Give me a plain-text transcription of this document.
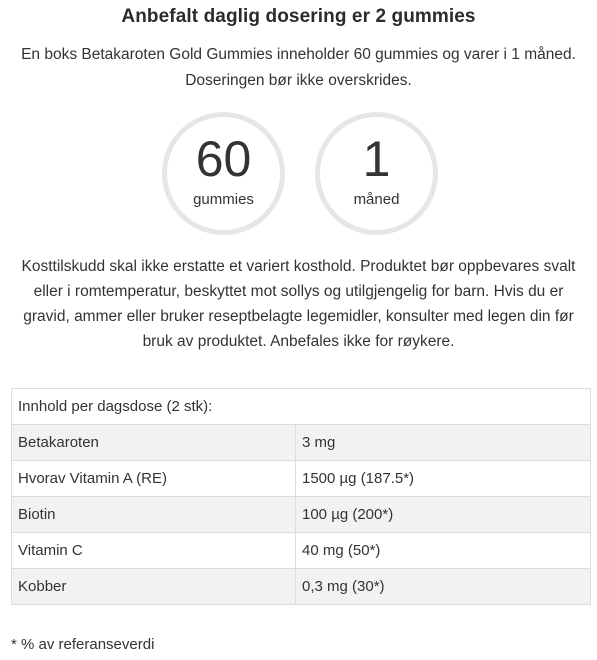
Anbefalt daglig dosering er 2 gummies
En boks Betakaroten Gold Gummies inneholder 60 gummies og varer i 1 måned.
Doseringen bør ikke overskrides.
60
gummies
1
måned
Kosttilskudd skal ikke erstatte et variert kosthold. Produktet bør oppbevares svalt
eller i romtemperatur, beskyttet mot sollys og utilgjengelig for barn. Hvis du er
gravid, ammer eller bruker reseptbelagte legemidler, konsulter med legen din før
bruk av produktet. Anbefales ikke for røykere.
Innhold per dagsdose (2 stk):	
Betakaroten	3 mg
Hvorav Vitamin A (RE)	1500 µg (187.5*)
Biotin	100 µg (200*)
Vitamin C	40 mg (50*)
Kobber	0,3 mg (30*)
* % av referanseverdi
